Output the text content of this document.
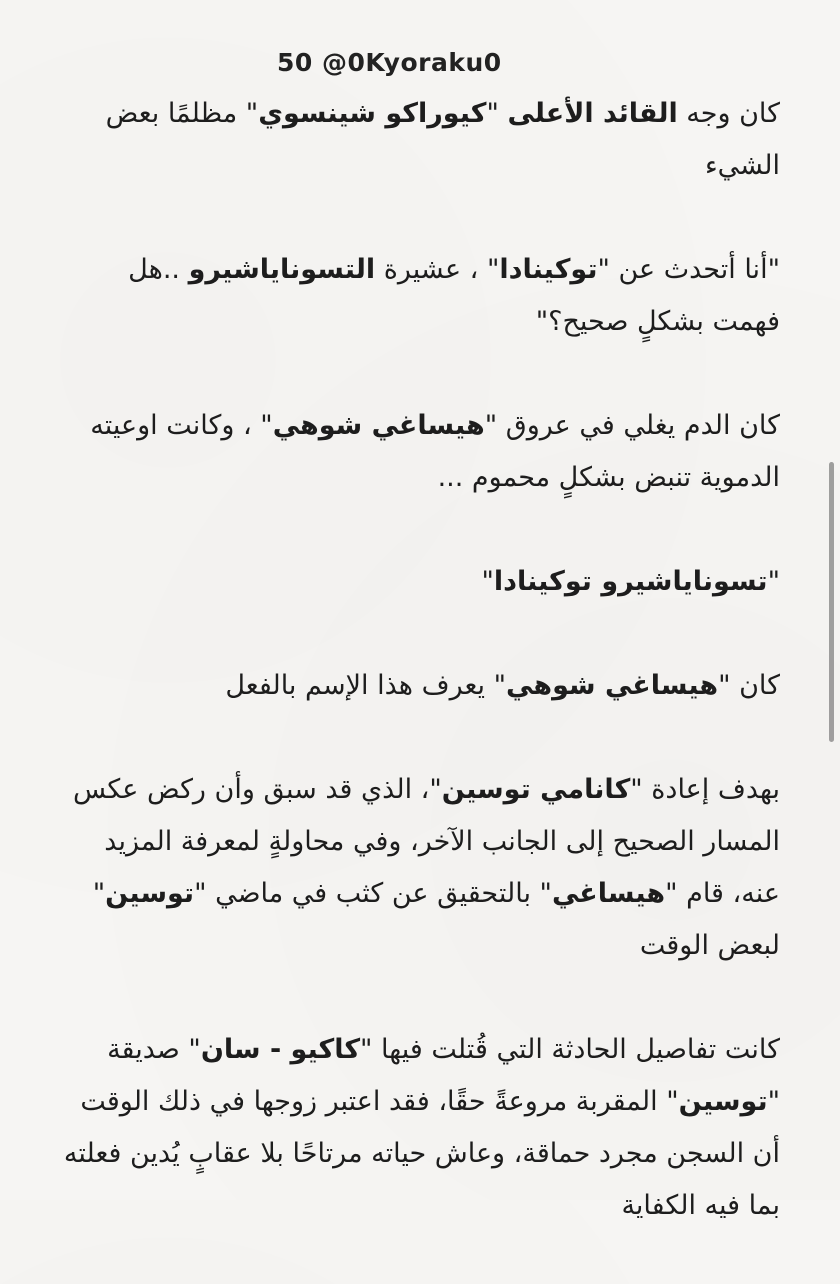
50 @0Kyoraku0

كان وجه القائد الأعلى "كيوراكو شينسوي" مظلمًا بعض الشيء

"أنا أتحدث عن "توكينادا" ، عشيرة التسوناياشيرو ..هل فهمت بشكلٍ صحيح؟"

كان الدم يغلي في عروق "هيساغي شوهي" ، وكانت اوعيته الدموية تنبض بشكلٍ محموم ...

"تسوناياشيرو توكينادا"

كان "هيساغي شوهي" يعرف هذا الإسم بالفعل

بهدف إعادة "كانامي توسين"، الذي قد سبق وأن ركض عكس المسار الصحيح إلى الجانب الآخر، وفي محاولةٍ لمعرفة المزيد عنه، قام "هيساغي" بالتحقيق عن كثب في ماضي "توسين" لبعض الوقت

كانت تفاصيل الحادثة التي قُتلت فيها "كاكيو - سان" صديقة "توسين" المقربة مروعةً حقًا، فقد اعتبر زوجها في ذلك الوقت أن السجن مجرد حماقة، وعاش حياته مرتاحًا بلا عقابٍ يُدين فعلته بما فيه الكفاية
